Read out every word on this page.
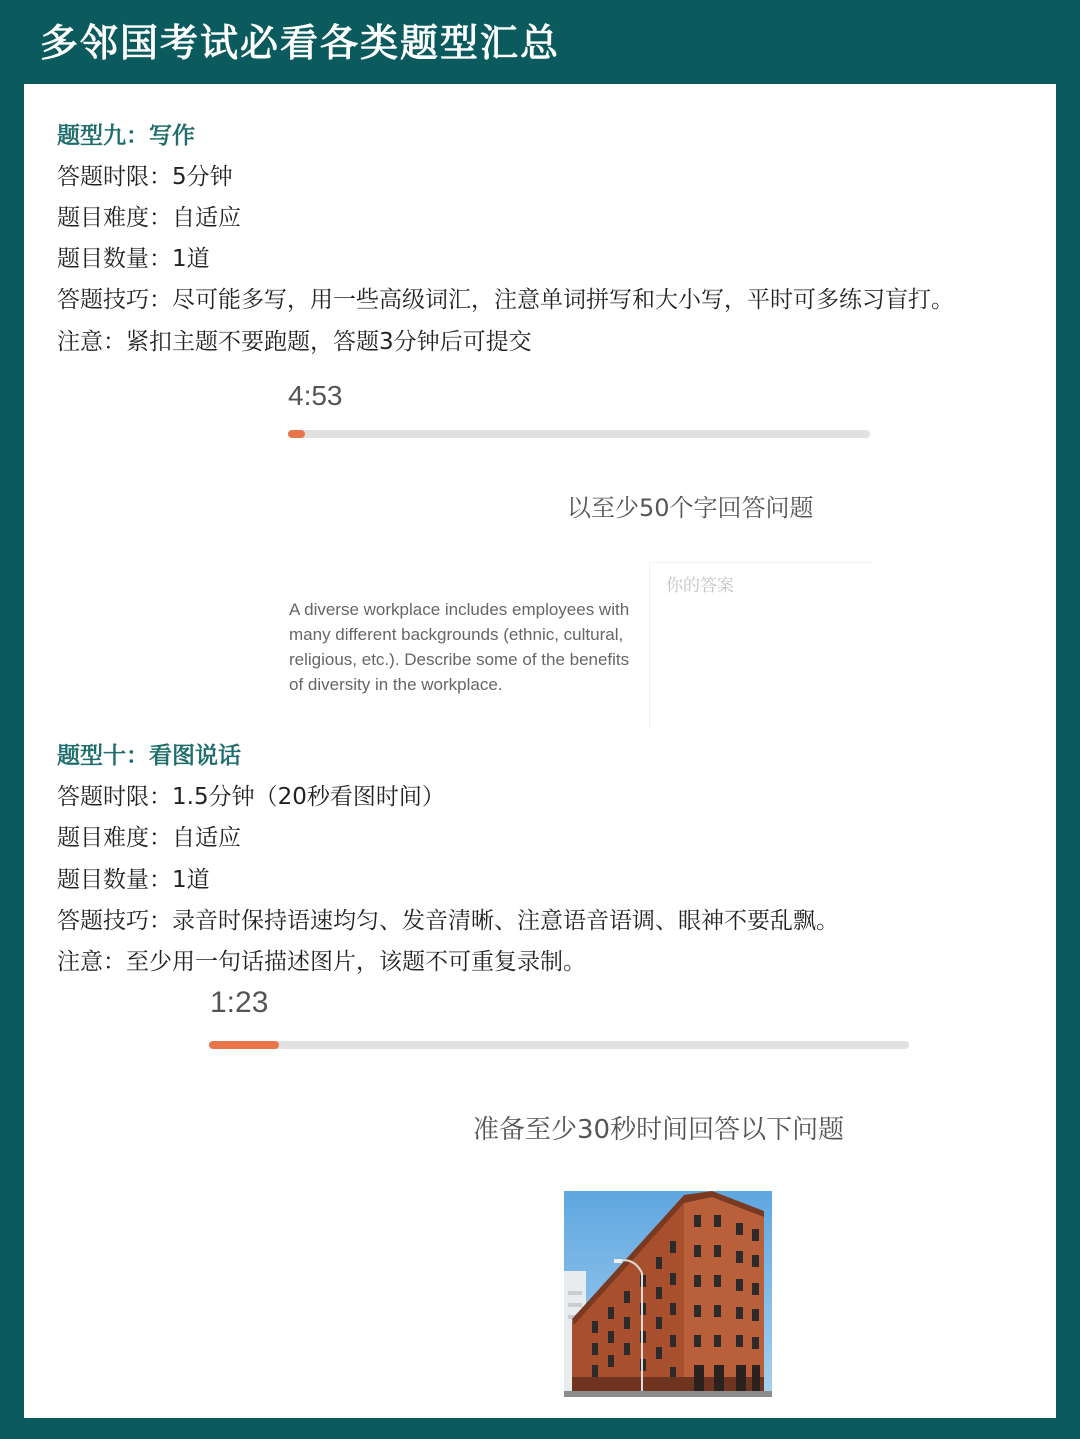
多邻国考试必看各类题型汇总
题型九：写作

答题时限：5分钟

题目难度：自适应

题目数量：1道

答题技巧：尽可能多写，用一些高级词汇，注意单词拼写和大小写，平时可多练习盲打。

注意：紧扣主题不要跑题，答题3分钟后可提交

4:53
以至少50个字回答问题
A diverse workplace includes employees with many different backgrounds (ethnic, cultural, religious, etc.). Describe some of the benefits of diversity in the workplace.
你的答案
题型十：看图说话

答题时限：1.5分钟（20秒看图时间）

题目难度：自适应

题目数量：1道

答题技巧：录音时保持语速均匀、发音清晰、注意语音语调、眼神不要乱飘。

注意：至少用一句话描述图片，该题不可重复录制。

1:23
准备至少30秒时间回答以下问题
